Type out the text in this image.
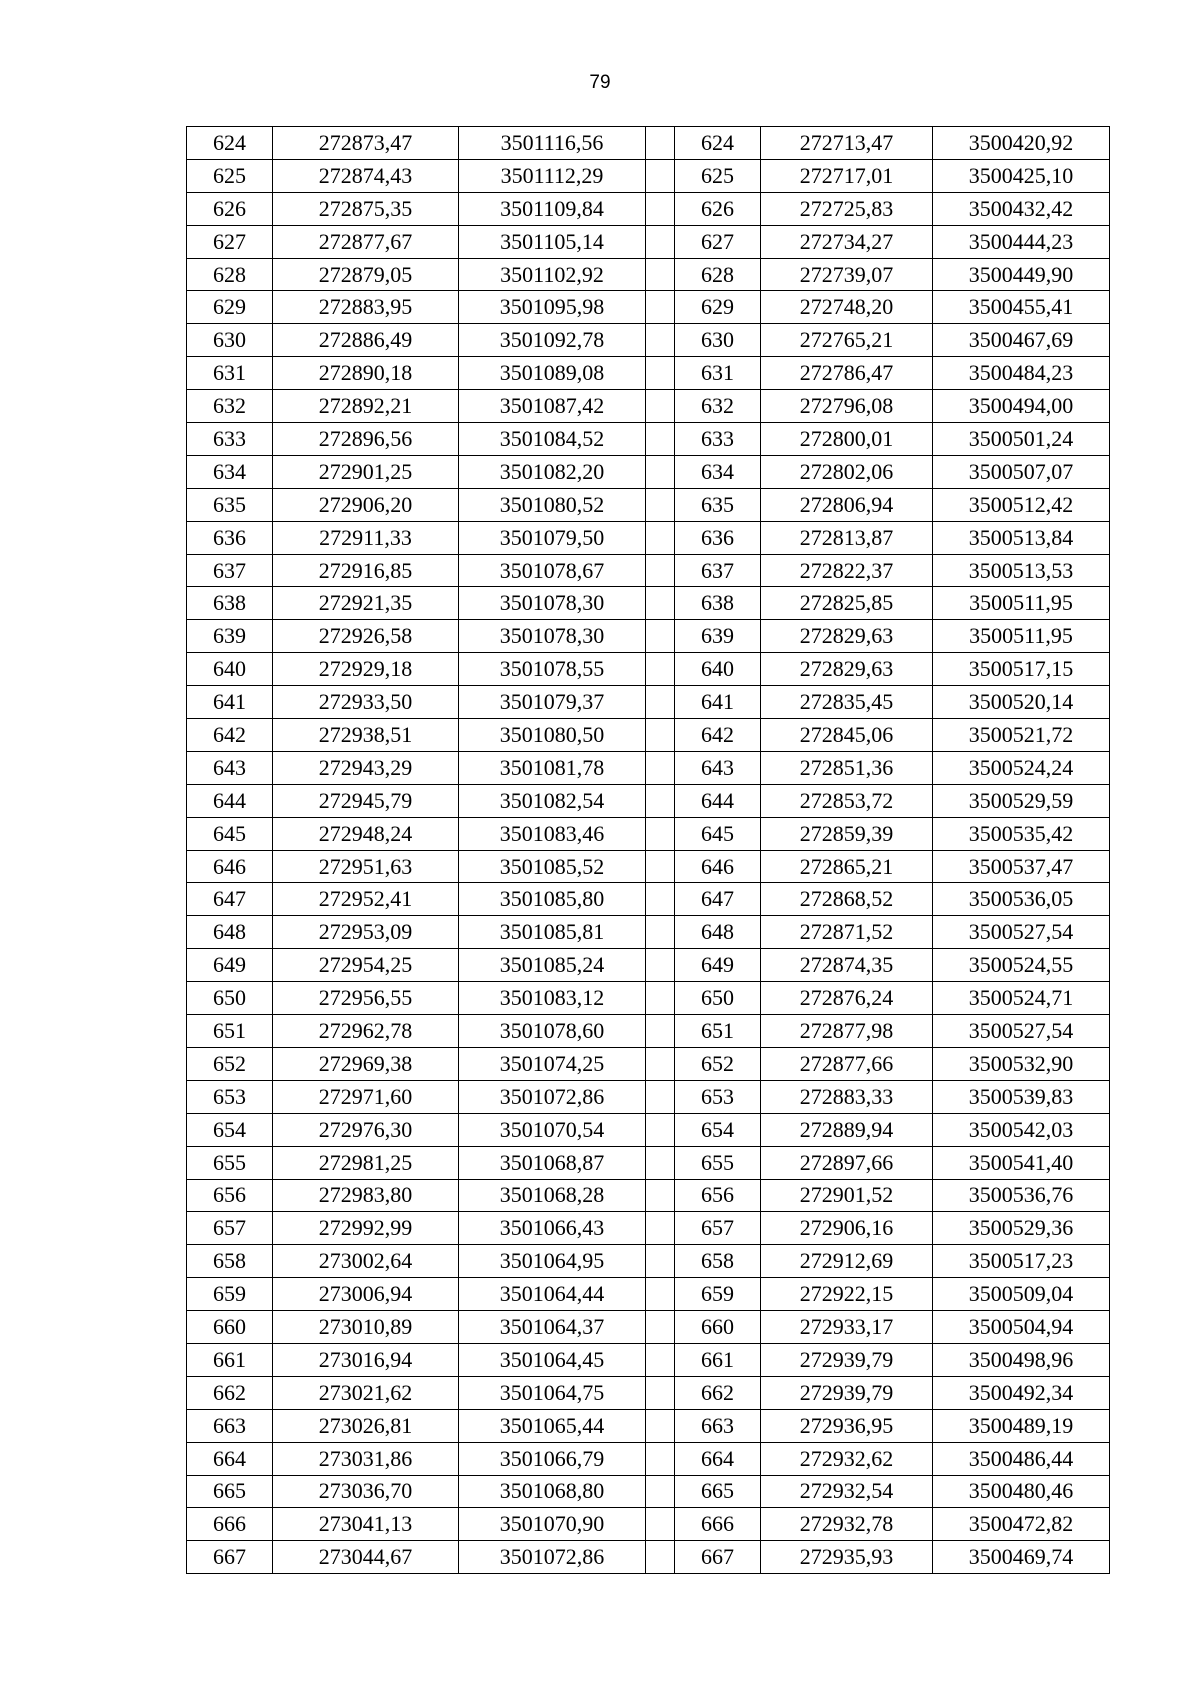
79
624	272873,47	3501116,56		624	272713,47	3500420,92
625	272874,43	3501112,29		625	272717,01	3500425,10
626	272875,35	3501109,84		626	272725,83	3500432,42
627	272877,67	3501105,14		627	272734,27	3500444,23
628	272879,05	3501102,92		628	272739,07	3500449,90
629	272883,95	3501095,98		629	272748,20	3500455,41
630	272886,49	3501092,78		630	272765,21	3500467,69
631	272890,18	3501089,08		631	272786,47	3500484,23
632	272892,21	3501087,42		632	272796,08	3500494,00
633	272896,56	3501084,52		633	272800,01	3500501,24
634	272901,25	3501082,20		634	272802,06	3500507,07
635	272906,20	3501080,52		635	272806,94	3500512,42
636	272911,33	3501079,50		636	272813,87	3500513,84
637	272916,85	3501078,67		637	272822,37	3500513,53
638	272921,35	3501078,30		638	272825,85	3500511,95
639	272926,58	3501078,30		639	272829,63	3500511,95
640	272929,18	3501078,55		640	272829,63	3500517,15
641	272933,50	3501079,37		641	272835,45	3500520,14
642	272938,51	3501080,50		642	272845,06	3500521,72
643	272943,29	3501081,78		643	272851,36	3500524,24
644	272945,79	3501082,54		644	272853,72	3500529,59
645	272948,24	3501083,46		645	272859,39	3500535,42
646	272951,63	3501085,52		646	272865,21	3500537,47
647	272952,41	3501085,80		647	272868,52	3500536,05
648	272953,09	3501085,81		648	272871,52	3500527,54
649	272954,25	3501085,24		649	272874,35	3500524,55
650	272956,55	3501083,12		650	272876,24	3500524,71
651	272962,78	3501078,60		651	272877,98	3500527,54
652	272969,38	3501074,25		652	272877,66	3500532,90
653	272971,60	3501072,86		653	272883,33	3500539,83
654	272976,30	3501070,54		654	272889,94	3500542,03
655	272981,25	3501068,87		655	272897,66	3500541,40
656	272983,80	3501068,28		656	272901,52	3500536,76
657	272992,99	3501066,43		657	272906,16	3500529,36
658	273002,64	3501064,95		658	272912,69	3500517,23
659	273006,94	3501064,44		659	272922,15	3500509,04
660	273010,89	3501064,37		660	272933,17	3500504,94
661	273016,94	3501064,45		661	272939,79	3500498,96
662	273021,62	3501064,75		662	272939,79	3500492,34
663	273026,81	3501065,44		663	272936,95	3500489,19
664	273031,86	3501066,79		664	272932,62	3500486,44
665	273036,70	3501068,80		665	272932,54	3500480,46
666	273041,13	3501070,90		666	272932,78	3500472,82
667	273044,67	3501072,86		667	272935,93	3500469,74
